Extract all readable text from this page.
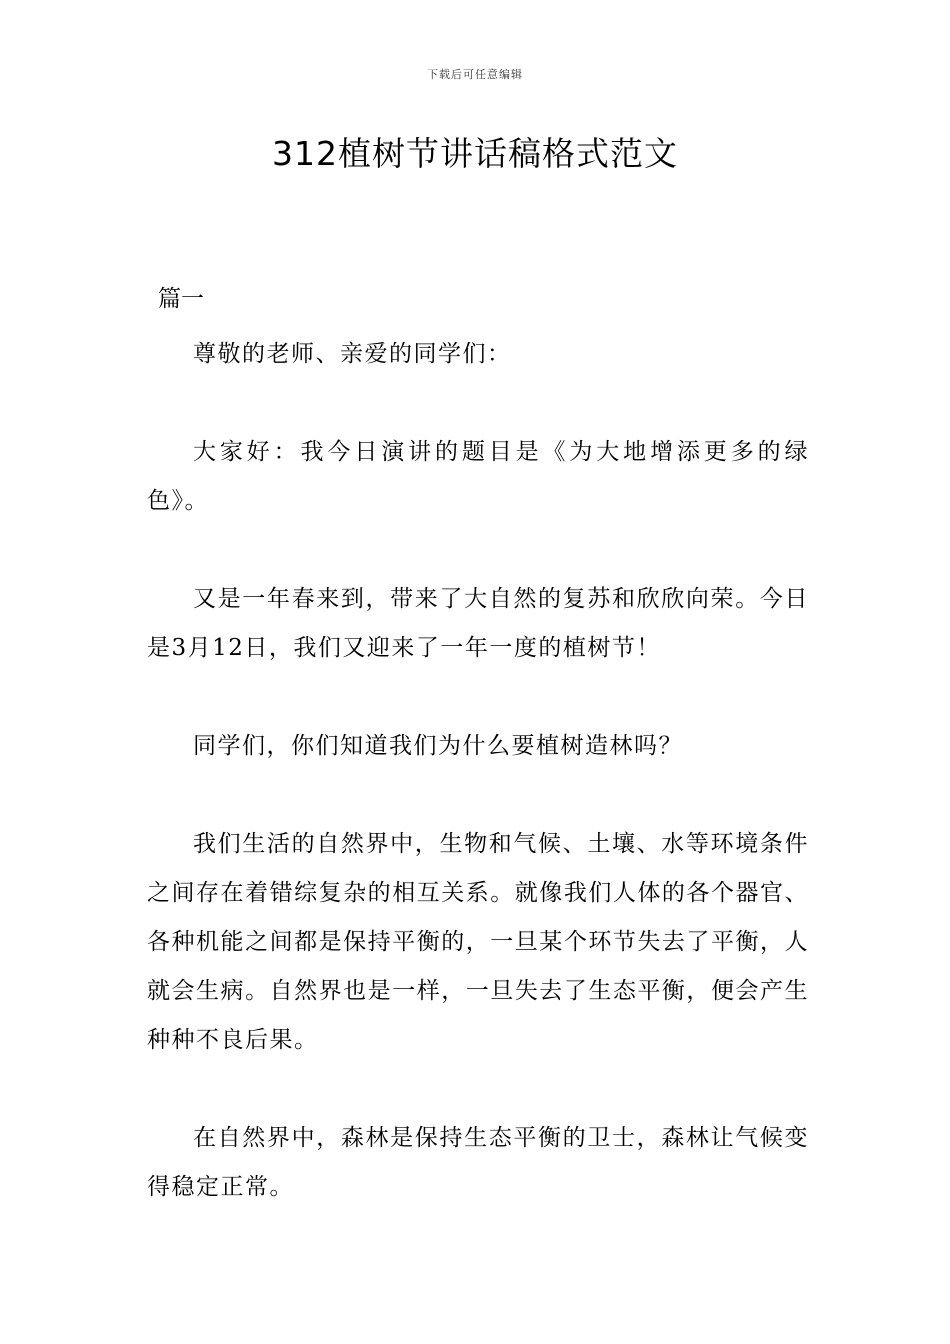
下载后可任意编辑
312植树节讲话稿格式范文
篇一

尊敬的老师、亲爱的同学们：

大家好：我今日演讲的题目是《为大地增添更多的绿色》。

又是一年春来到，带来了大自然的复苏和欣欣向荣。今日是3月12日，我们又迎来了一年一度的植树节！

同学们，你们知道我们为什么要植树造林吗？

我们生活的自然界中，生物和气候、土壤、水等环境条件之间存在着错综复杂的相互关系。就像我们人体的各个器官、各种机能之间都是保持平衡的，一旦某个环节失去了平衡，人就会生病。自然界也是一样，一旦失去了生态平衡，便会产生种种不良后果。

在自然界中，森林是保持生态平衡的卫士，森林让气候变得稳定正常。
